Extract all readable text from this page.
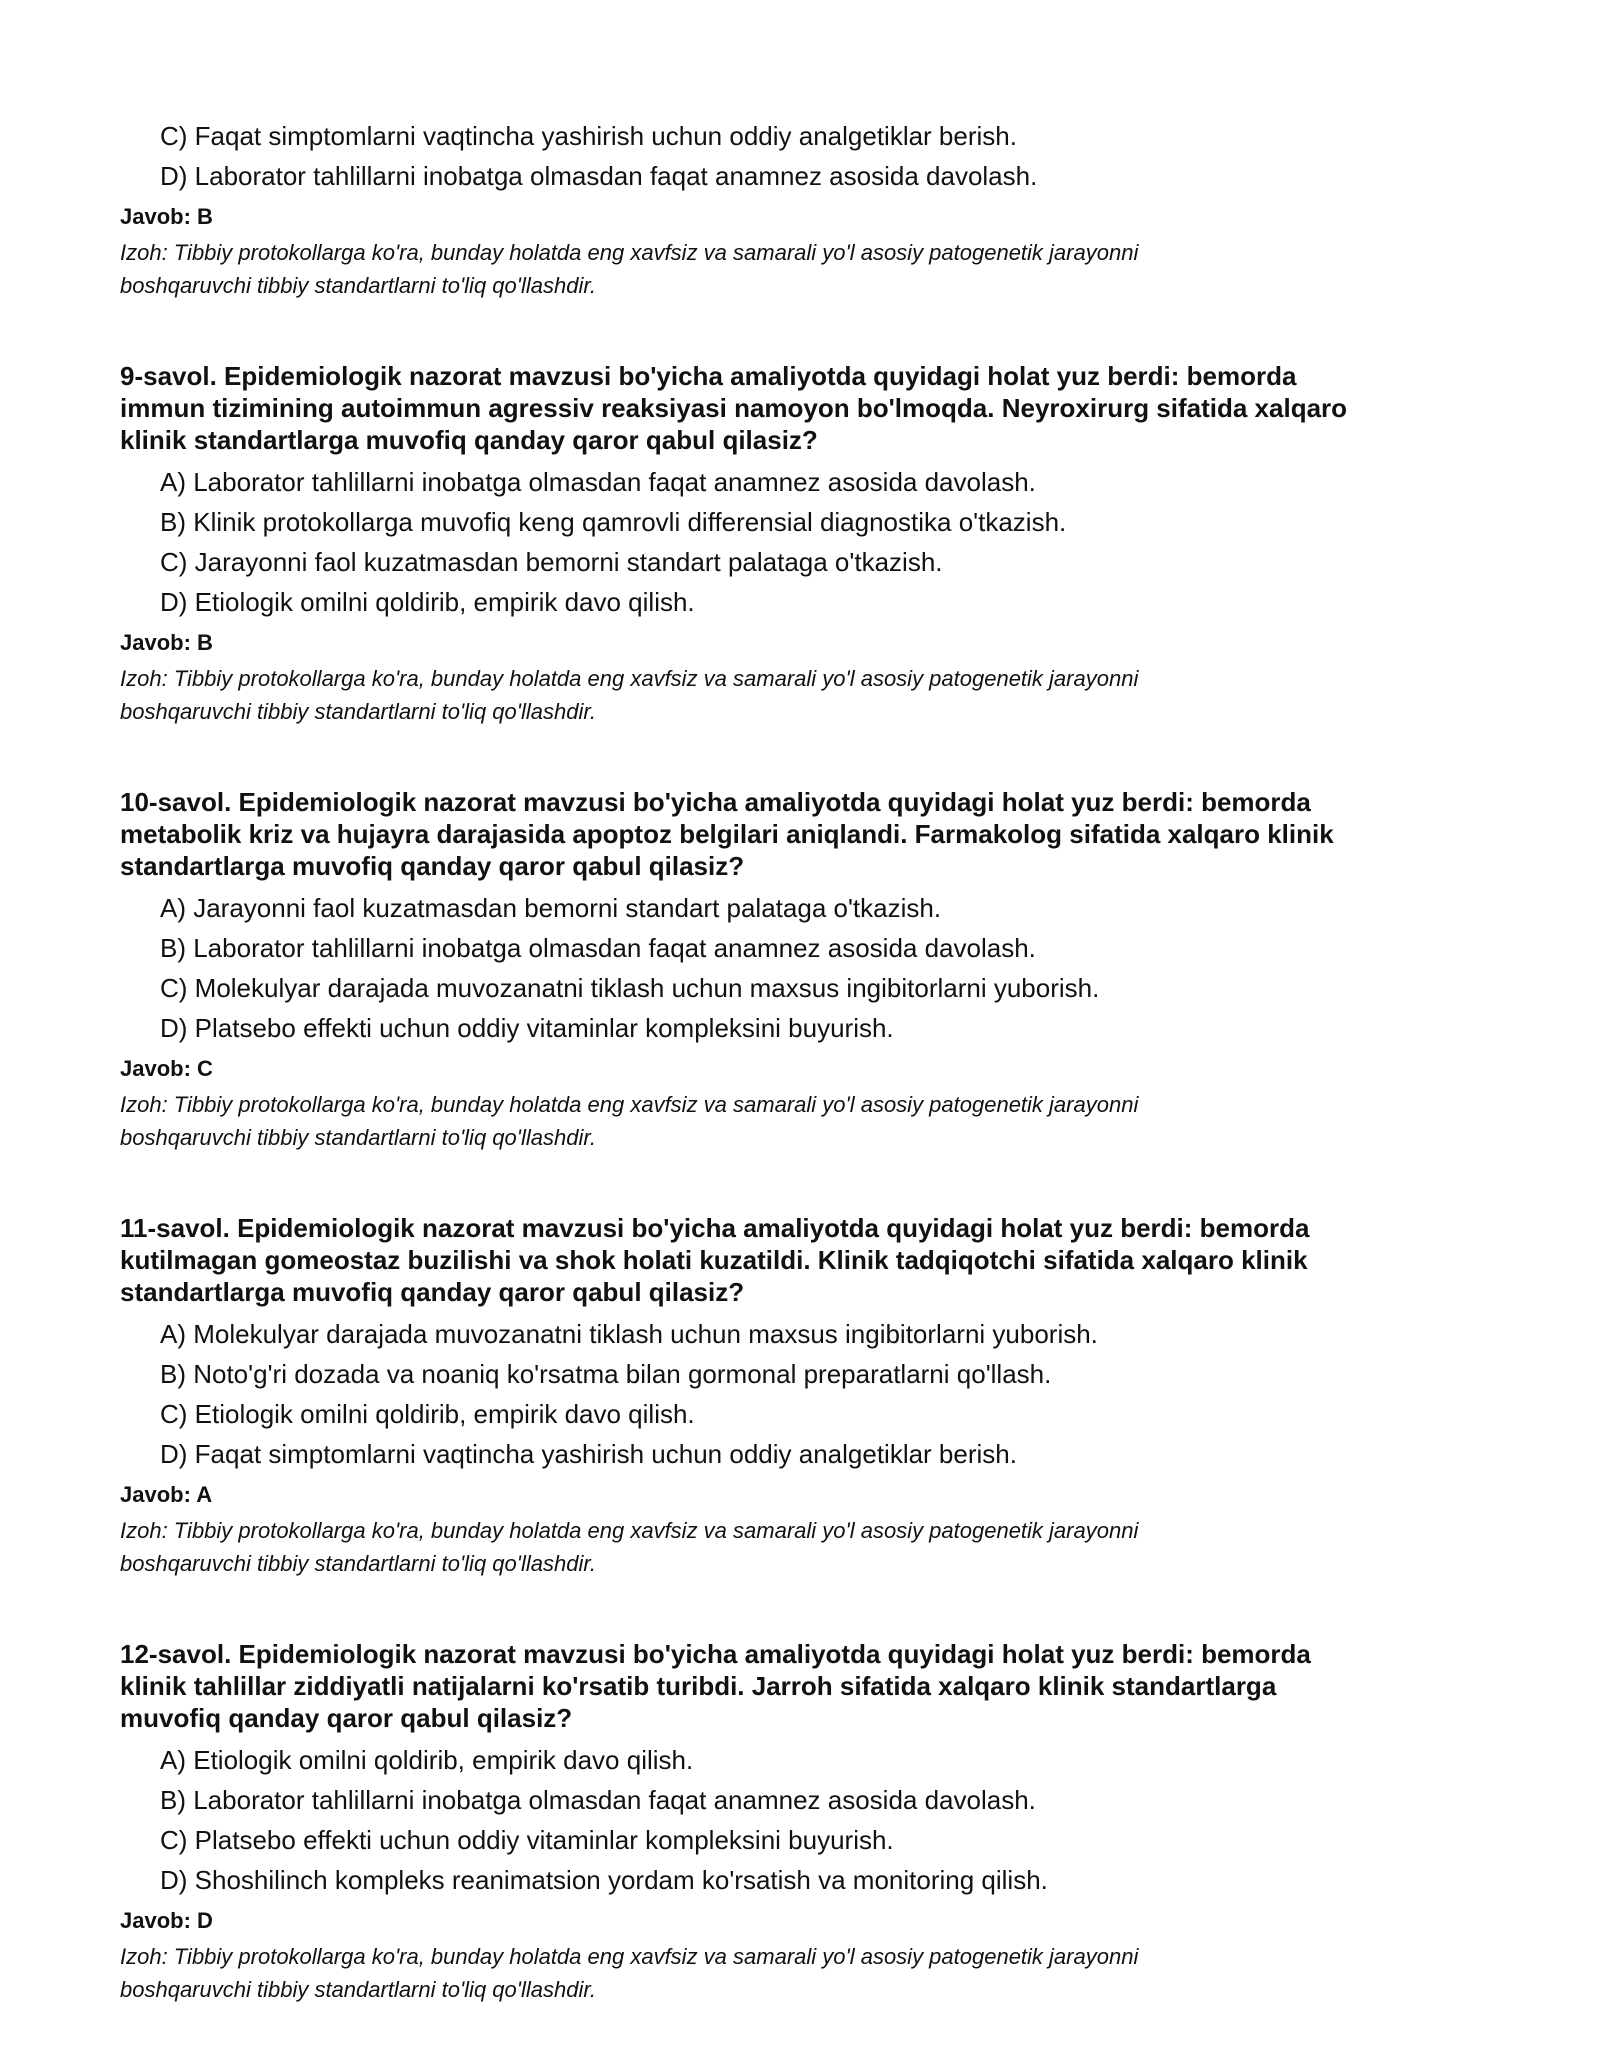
C) Faqat simptomlarni vaqtincha yashirish uchun oddiy analgetiklar berish.
D) Laborator tahlillarni inobatga olmasdan faqat anamnez asosida davolash.
Javob: B
Izoh: Tibbiy protokollarga ko'ra, bunday holatda eng xavfsiz va samarali yo'l asosiy patogenetik jarayonni
boshqaruvchi tibbiy standartlarni to'liq qo'llashdir.
9-savol. Epidemiologik nazorat mavzusi bo'yicha amaliyotda quyidagi holat yuz berdi: bemorda
immun tizimining autoimmun agressiv reaksiyasi namoyon bo'lmoqda. Neyroxirurg sifatida xalqaro
klinik standartlarga muvofiq qanday qaror qabul qilasiz?
A) Laborator tahlillarni inobatga olmasdan faqat anamnez asosida davolash.
B) Klinik protokollarga muvofiq keng qamrovli differensial diagnostika o'tkazish.
C) Jarayonni faol kuzatmasdan bemorni standart palataga o'tkazish.
D) Etiologik omilni qoldirib, empirik davo qilish.
Javob: B
Izoh: Tibbiy protokollarga ko'ra, bunday holatda eng xavfsiz va samarali yo'l asosiy patogenetik jarayonni
boshqaruvchi tibbiy standartlarni to'liq qo'llashdir.
10-savol. Epidemiologik nazorat mavzusi bo'yicha amaliyotda quyidagi holat yuz berdi: bemorda
metabolik kriz va hujayra darajasida apoptoz belgilari aniqlandi. Farmakolog sifatida xalqaro klinik
standartlarga muvofiq qanday qaror qabul qilasiz?
A) Jarayonni faol kuzatmasdan bemorni standart palataga o'tkazish.
B) Laborator tahlillarni inobatga olmasdan faqat anamnez asosida davolash.
C) Molekulyar darajada muvozanatni tiklash uchun maxsus ingibitorlarni yuborish.
D) Platsebo effekti uchun oddiy vitaminlar kompleksini buyurish.
Javob: C
Izoh: Tibbiy protokollarga ko'ra, bunday holatda eng xavfsiz va samarali yo'l asosiy patogenetik jarayonni
boshqaruvchi tibbiy standartlarni to'liq qo'llashdir.
11-savol. Epidemiologik nazorat mavzusi bo'yicha amaliyotda quyidagi holat yuz berdi: bemorda
kutilmagan gomeostaz buzilishi va shok holati kuzatildi. Klinik tadqiqotchi sifatida xalqaro klinik
standartlarga muvofiq qanday qaror qabul qilasiz?
A) Molekulyar darajada muvozanatni tiklash uchun maxsus ingibitorlarni yuborish.
B) Noto'g'ri dozada va noaniq ko'rsatma bilan gormonal preparatlarni qo'llash.
C) Etiologik omilni qoldirib, empirik davo qilish.
D) Faqat simptomlarni vaqtincha yashirish uchun oddiy analgetiklar berish.
Javob: A
Izoh: Tibbiy protokollarga ko'ra, bunday holatda eng xavfsiz va samarali yo'l asosiy patogenetik jarayonni
boshqaruvchi tibbiy standartlarni to'liq qo'llashdir.
12-savol. Epidemiologik nazorat mavzusi bo'yicha amaliyotda quyidagi holat yuz berdi: bemorda
klinik tahlillar ziddiyatli natijalarni ko'rsatib turibdi. Jarroh sifatida xalqaro klinik standartlarga
muvofiq qanday qaror qabul qilasiz?
A) Etiologik omilni qoldirib, empirik davo qilish.
B) Laborator tahlillarni inobatga olmasdan faqat anamnez asosida davolash.
C) Platsebo effekti uchun oddiy vitaminlar kompleksini buyurish.
D) Shoshilinch kompleks reanimatsion yordam ko'rsatish va monitoring qilish.
Javob: D
Izoh: Tibbiy protokollarga ko'ra, bunday holatda eng xavfsiz va samarali yo'l asosiy patogenetik jarayonni
boshqaruvchi tibbiy standartlarni to'liq qo'llashdir.
